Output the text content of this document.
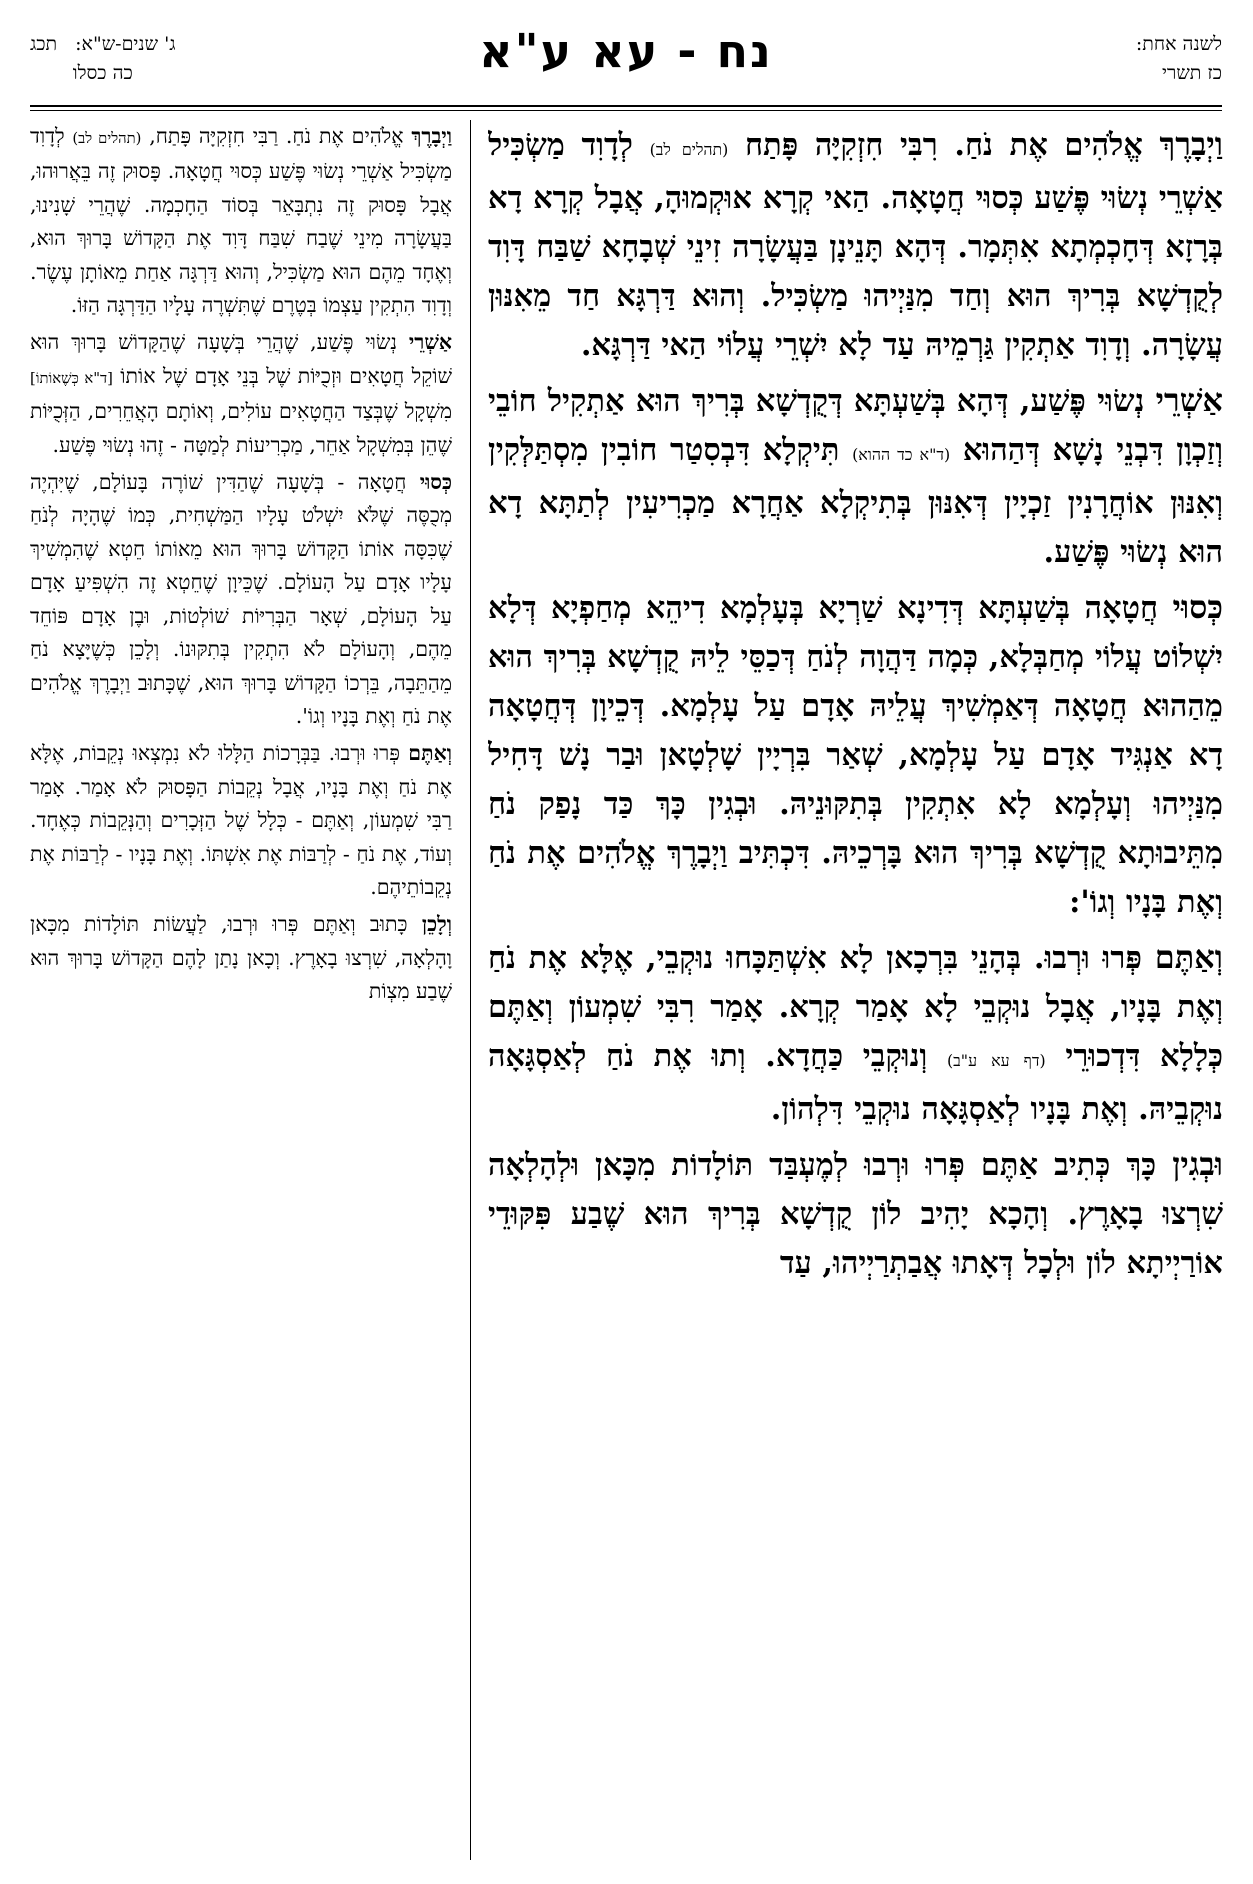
לשנה אחת:
כז תשרי
נח - עא ע"א
ג' שנים-ש"א:
תכג
כה כסלו

וַיְבָרֶךְ אֱלֹהִים אֶת נֹחַ. רִבִּי חִזְקִיָּה פָּתַח (תהלים לב) לְדָוִד מַשְׂכִּיל אַשְׁרֵי נְשׂוּי פֶּשַׁע כְּסוּי חֲטָאָה. הַאי קְרָא אוּקְמוּהָ, אֲבָל קְרָא דָא בְּרָזָא דְּחָכְמְתָא אִתְּמָר. דְּהָא תָּנֵינָן בַּעֲשָׂרָה זִינֵי שְׁבָחָא שַׁבַּח דָּוִד לְקֻדְשָׁא בְּרִיךְ הוּא וְחַד מִנַּיְיהוּ מַשְׂכִּיל. וְהוּא דַּרְגָּא חַד מֵאִנּוּן עֲשָׂרָה. וְדָוִד אַתְקִין גַּרְמֵיהּ עַד לָא יִשְׁרֵי עֲלוֹי הַאי דַּרְגָּא.

אַשְׁרֵי נְשׂוּי פֶּשַׁע, דְּהָא בְּשַׁעְתָּא דְּקֻדְשָׁא בְּרִיךְ הוּא אַתְקִיל חוֹבֵי וְזַכְוָן דִּבְנֵי נָשָׁא דְּהַהוּא (ד"א כד ההוא) תִּיקְלָא דִּבְסִטַר חוֹבִין מִסְתַּלְּקִין וְאִנּוּן אוֹחֲרָנִין זַכְיָין דְּאִנּוּן בְּתִיקְלָא אַחֲרָא מַכְרִיעִין לְתַתָּא דָא הוּא נְשׂוּי פֶּשַׁע.

כְּסוּי חֲטָאָה בְּשַׁעְתָּא דְּדִינָא שַׁרְיָא בְּעָלְמָא דִיהֵא מְחַפְיָא דְּלָא יִשְׁלוֹט עֲלוֹי מְחַבְּלָא, כְּמָה דַּהֲוָה לְנֹחַ דְּכַסֵּי לֵיהּ קֻדְשָׁא בְּרִיךְ הוּא מֵהַהוּא חֲטָאָה דְּאַמְשִׁיךְ עֲלֵיהּ אָדָם עַל עָלְמָא. דְּכֵיוָן דְּחֲטָאָה דָא אַנְגִּיד אָדָם עַל עָלְמָא, שְׁאַר בִּרְיָין שָׁלְטָאן וּבַר נָשׁ דָּחִיל מִנַּיְיהוּ וְעָלְמָא לָא אִתְקִין בְּתִקּוּנֵיהּ. וּבְגִין כָּךְ כַּד נָפַק נֹחַ מִתֵּיבוּתָא קֻדְשָׁא בְּרִיךְ הוּא בָּרְכֵיהּ. דִּכְתִּיב וַיְבָרֶךְ אֱלֹהִים אֶת נֹחַ וְאֶת בָּנָיו וְגוֹ':

וְאַתֶּם פְּרוּ וּרְבוּ. בְּהָנֵי בִּרְכָאן לָא אִשְׁתַּכָּחוּ נוּקְבֵי, אֶלָּא אֶת נֹחַ וְאֶת בָּנָיו, אֲבָל נוּקְבֵי לָא אָמַר קְרָא. אָמַר רִבִּי שִׁמְעוֹן וְאַתֶּם כְּלָלָא דִּדְכוּרֵי (דף עא ע"ב) וְנוּקְבֵי כַּחֲדָא. וְתוּ אֶת נֹחַ לְאַסְגָּאָה נוּקְבֵיהּ. וְאֶת בָּנָיו לְאַסְגָּאָה נוּקְבֵי דִּלְהוֹן.

וּבְגִין כָּךְ כְּתִיב אַתֶּם פְּרוּ וּרְבוּ לְמֶעְבַּד תּוֹלָדוֹת מִכָּאן וּלְהָלְאָה שִׁרְצוּ בָאָרֶץ. וְהָכָא יָהִיב לוֹן קֻדְשָׁא בְּרִיךְ הוּא שֶׁבַע פִּקּוּדֵי אוֹרַיְיתָא לוֹן וּלְכָל דְּאָתוּ אֲבַתְרַיְיהוּ, עַד

וַיְבָרֶךְ אֱלֹהִים אֶת נֹחַ. רַבִּי חִזְקִיָּה פָּתַח, (תהלים לב) לְדָוִד מַשְׂכִּיל אַשְׁרֵי נְשׂוּי פֶּשַׁע כְּסוּי חֲטָאָה. פָּסוּק זֶה בֵּאֲרוּהוּ, אֲבָל פָּסוּק זֶה נִתְבָּאֵר בְּסוֹד הַחָכְמָה. שֶׁהֲרֵי שָׁנִינוּ, בַּעֲשָׂרָה מִינֵי שֶׁבַח שִׁבַּח דָּוִד אֶת הַקָּדוֹשׁ בָּרוּךְ הוּא, וְאֶחָד מֵהֶם הוּא מַשְׂכִּיל, וְהוּא דַּרְגָּה אַחַת מֵאוֹתָן עֶשֶׂר. וְדָוִד הִתְקִין עַצְמוֹ בְּטֶרֶם שֶׁתִּשְׁרֶה עָלָיו הַדַּרְגָּה הַזּוֹ.

אַשְׁרֵי נְשׂוּי פֶּשַׁע, שֶׁהֲרֵי בְּשָׁעָה שֶׁהַקָּדוֹשׁ בָּרוּךְ הוּא שׁוֹקֵל חֲטָאִים וּזְכֻיּוֹת שֶׁל בְּנֵי אָדָם שֶׁל אוֹתוֹ [ד"א כְּשֶׁאוֹתוֹ] מִשְׁקָל שֶׁבְּצַד הַחֲטָאִים עוֹלִים, וְאוֹתָם הָאֲחֵרִים, הַזְּכֻיּוֹת שֶׁהֵן בְּמִשְׁקָל אַחֵר, מַכְרִיעוֹת לְמַטָּה - זֶהוּ נְשׂוּי פֶּשַׁע.

כְּסוּי חֲטָאָה - בְּשָׁעָה שֶׁהַדִּין שׁוֹרֶה בָּעוֹלָם, שֶׁיִּהְיֶה מְכֻסֶּה שֶׁלֹּא יִשְׁלֹט עָלָיו הַמַּשְׁחִית, כְּמוֹ שֶׁהָיָה לְנֹחַ שֶׁכִּסָּה אוֹתוֹ הַקָּדוֹשׁ בָּרוּךְ הוּא מֵאוֹתוֹ חֵטְא שֶׁהִמְשִׁיךְ עָלָיו אָדָם עַל הָעוֹלָם. שֶׁכֵּיוָן שֶׁחֵטְא זֶה הִשְׁפִּיעַ אָדָם עַל הָעוֹלָם, שְׁאָר הַבְּרִיּוֹת שׁוֹלְטוֹת, וּבֶן אָדָם פּוֹחֵד מֵהֶם, וְהָעוֹלָם לֹא הִתְקִין בְּתִקּוּנוֹ. וְלָכֵן כְּשֶׁיָּצָא נֹחַ מֵהַתֵּבָה, בֵּרְכוֹ הַקָּדוֹשׁ בָּרוּךְ הוּא, שֶׁכָּתוּב וַיְבָרֶךְ אֱלֹהִים אֶת נֹחַ וְאֶת בָּנָיו וְגוֹ'.

וְאַתֶּם פְּרוּ וּרְבוּ. בַּבְּרָכוֹת הַלָּלוּ לֹא נִמְצְאוּ נְקֵבוֹת, אֶלָּא אֶת נֹחַ וְאֶת בָּנָיו, אֲבָל נְקֵבוֹת הַפָּסוּק לֹא אָמַר. אָמַר רַבִּי שִׁמְעוֹן, וְאַתֶּם - כְּלָל שֶׁל הַזְּכָרִים וְהַנְּקֵבוֹת כְּאֶחָד. וְעוֹד, אֶת נֹחַ - לְרַבּוֹת אֶת אִשְׁתּוֹ. וְאֶת בָּנָיו - לְרַבּוֹת אֶת נְקֵבוֹתֵיהֶם.

וְלָכֵן כָּתוּב וְאַתֶּם פְּרוּ וּרְבוּ, לַעֲשׂוֹת תּוֹלָדוֹת מִכָּאן וָהָלְאָה, שִׁרְצוּ בָאָרֶץ. וְכָאן נָתַן לָהֶם הַקָּדוֹשׁ בָּרוּךְ הוּא שֶׁבַע מִצְוֹת
